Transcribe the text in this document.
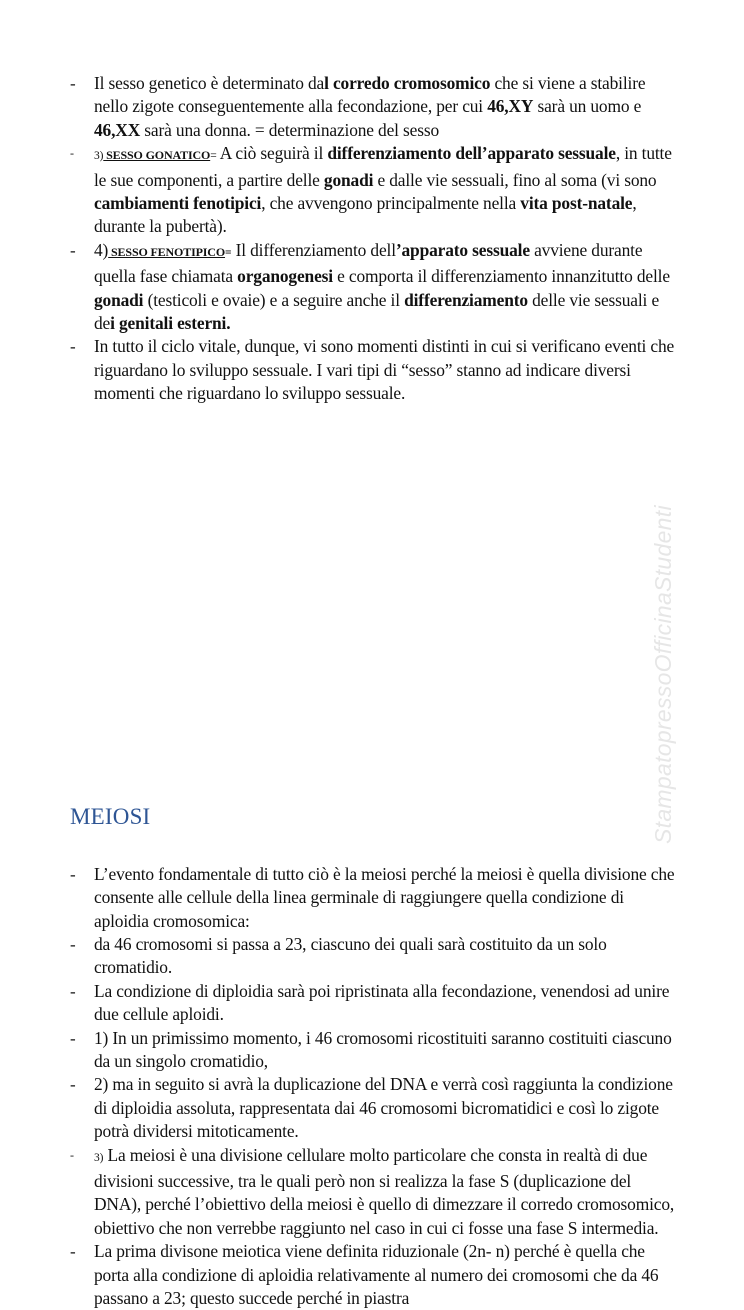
StampatopressoOfficinaStudenti

-	Il sesso genetico è determinato dal corredo cromosomico che si viene a stabilire nello zigote conseguentemente alla fecondazione, per cui 46,XY sarà un uomo e 46,XX sarà una donna. = determinazione del sesso

-	3) SESSO GONATICO= A ciò seguirà il differenziamento dell’apparato sessuale, in tutte le sue componenti, a partire delle gonadi e dalle vie sessuali, fino al soma (vi sono cambiamenti fenotipici, che avvengono principalmente nella vita post-natale, durante la pubertà).

-	4) SESSO FENOTIPICO= Il differenziamento dell’apparato sessuale avviene durante quella fase chiamata organogenesi e comporta il differenziamento innanzitutto delle gonadi (testicoli e ovaie) e a seguire anche il differenziamento delle vie sessuali e dei genitali esterni.

-	In tutto il ciclo vitale, dunque, vi sono momenti distinti in cui si verificano eventi che riguardano lo sviluppo sessuale. I vari tipi di “sesso” stanno ad indicare diversi momenti che riguardano lo sviluppo sessuale.

MEIOSI

-	L’evento fondamentale di tutto ciò è la meiosi perché la meiosi è quella divisione che consente alle cellule della linea germinale di raggiungere quella condizione di aploidia cromosomica:

-	da 46 cromosomi si passa a 23, ciascuno dei quali sarà costituito da un solo cromatidio.

-	La condizione di diploidia sarà poi ripristinata alla fecondazione, venendosi ad unire due cellule aploidi.

-	1) In un primissimo momento, i 46 cromosomi ricostituiti saranno costituiti ciascuno da un singolo cromatidio,

-	2) ma in seguito si avrà la duplicazione del DNA e verrà così raggiunta la condizione di diploidia assoluta, rappresentata dai 46 cromosomi bicromatidici e così lo zigote potrà dividersi mitoticamente.

-	3) La meiosi è una divisione cellulare molto particolare che consta in realtà di due divisioni successive, tra le quali però non si realizza la fase S (duplicazione del DNA), perché l’obiettivo della meiosi è quello di dimezzare il corredo cromosomico, obiettivo che non verrebbe raggiunto nel caso in cui ci fosse una fase S intermedia.

-	La prima divisone meiotica viene definita riduzionale (2n- n) perché è quella che porta alla condizione di aploidia relativamente al numero dei cromosomi che da 46 passano a 23; questo succede perché in piastra
